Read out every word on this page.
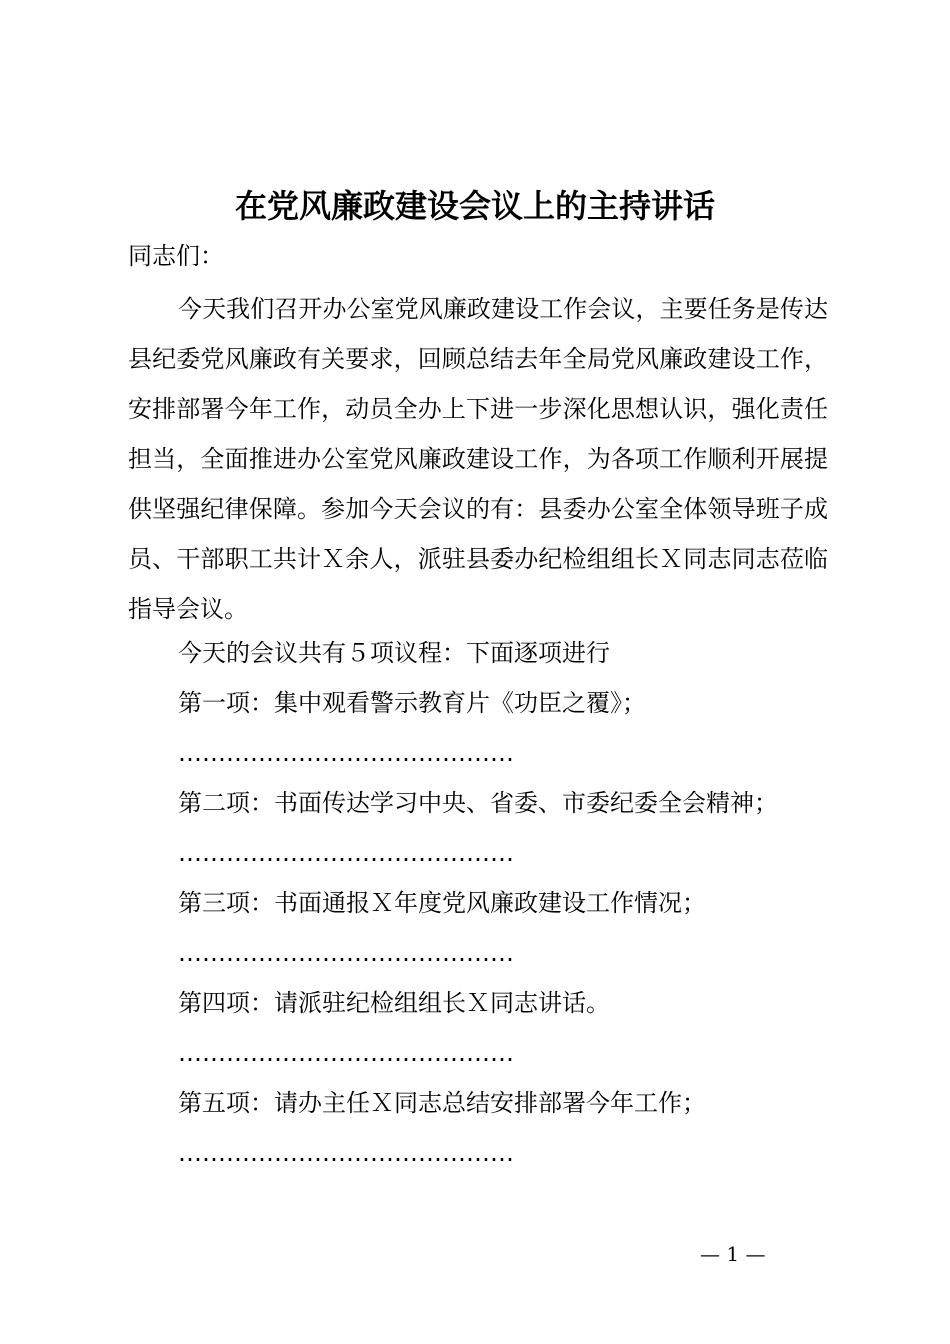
在党风廉政建设会议上的主持讲话
同志们：
今天我们召开办公室党风廉政建设工作会议，主要任务是传达县纪委党风廉政有关要求，回顾总结去年全局党风廉政建设工作，安排部署今年工作，动员全办上下进一步深化思想认识，强化责任担当，全面推进办公室党风廉政建设工作，为各项工作顺利开展提供坚强纪律保障。参加今天会议的有：县委办公室全体领导班子成员、干部职工共计Ｘ余人，派驻县委办纪检组组长Ｘ同志同志莅临指导会议。
今天的会议共有５项议程：下面逐项进行
第一项：集中观看警示教育片《功臣之覆》；
……………………………………
第二项：书面传达学习中央、省委、市委纪委全会精神；
……………………………………
第三项：书面通报Ｘ年度党风廉政建设工作情况；
……………………………………
第四项：请派驻纪检组组长Ｘ同志讲话。
……………………………………
第五项：请办主任Ｘ同志总结安排部署今年工作；
……………………………………
— 1 —
